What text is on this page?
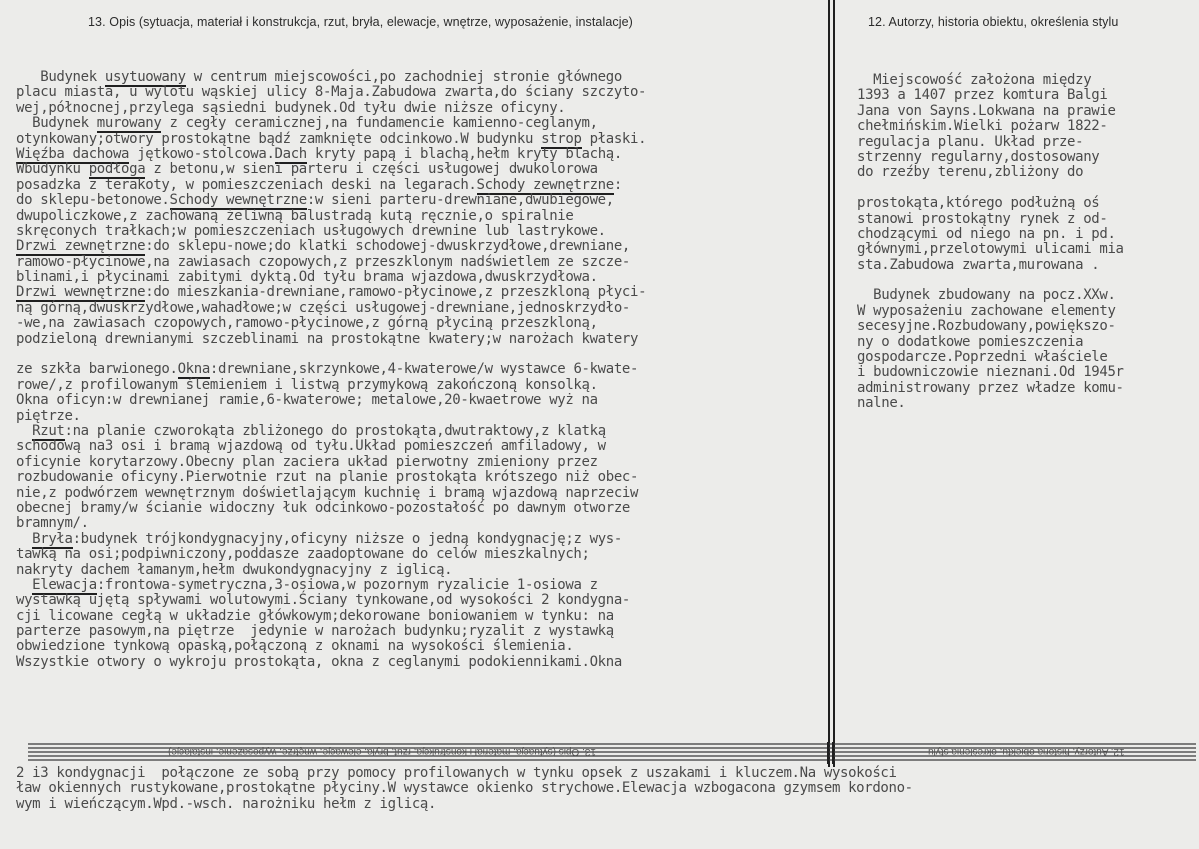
13. Opis (sytuacja, materiał i konstrukcja, rzut, bryła, elewacje, wnętrze, wyposażenie, instalacje)	12. Autorzy, historia obiektu, określenia stylu
Budynek usytuowany w centrum miejscowości,po zachodniej stronie głównego
placu miasta, u wylotu wąskiej ulicy 8-Maja.Zabudowa zwarta,do ściany szczyto-
wej,północnej,przylega sąsiedni budynek.Od tyłu dwie niższe oficyny.
Budynek murowany z cegły ceramicznej,na fundamencie kamienno-ceglanym,
otynkowany;otwory prostokątne bądź zamknięte odcinkowo.W budynku strop płaski.
Więźba dachowa jętkowo-stolcowa.Dach kryty papą i blachą,hełm kryty blachą.
Wbudynku podłoga z betonu,w sieni parteru i części usługowej dwukolorowa
posadzka z terakoty, w pomieszczeniach deski na legarach.Schody zewnętrzne:
do sklepu-betonowe.Schody wewnętrzne:w sieni parteru-drewniane,dwubiegowe,
dwupoliczkowe,z zachowaną żeliwną balustradą kutą ręcznie,o spiralnie
skręconych trałkach;w pomieszczeniach usługowych drewnine lub lastrykowe.
Drzwi zewnętrzne:do sklepu-nowe;do klatki schodowej-dwuskrzydłowe,drewniane,
ramowo-płycinowe,na zawiasach czopowych,z przeszklonym nadświetlem ze szcze-
blinami,i płycinami zabitymi dyktą.Od tyłu brama wjazdowa,dwuskrzydłowa.
Drzwi wewnętrzne:do mieszkania-drewniane,ramowo-płycinowe,z przeszkloną płyci-
ną górną,dwuskrzydłowe,wahadłowe;w części usługowej-drewniane,jednoskrzydło-
-we,na zawiasach czopowych,ramowo-płycinowe,z górną płyciną przeszkloną,
podzieloną drewnianymi szczeblinami na prostokątne kwatery;w narożach kwatery
ze szkła barwionego.Okna:drewniane,skrzynkowe,4-kwaterowe/w wystawce 6-kwate-
rowe/,z profilowanym ślemieniem i listwą przymykową zakończoną konsolką.
Okna oficyn:w drewnianej ramie,6-kwaterowe; metalowe,20-kwaetrowe wyż na
piętrze.
Rzut:na planie czworokąta zbliżonego do prostokąta,dwutraktowy,z klatką
schodową na3 osi i bramą wjazdową od tyłu.Układ pomieszczeń amfiladowy, w
oficynie korytarzowy.Obecny plan zaciera układ pierwotny zmieniony przez
rozbudowanie oficyny.Pierwotnie rzut na planie prostokąta krótszego niż obec-
nie,z podwórzem wewnętrznym doświetlającym kuchnię i bramą wjazdową naprzeciw
obecnej bramy/w ścianie widoczny łuk odcinkowo-pozostałość po dawnym otworze
bramnym/.
Bryła:budynek trójkondygnacyjny,oficyny niższe o jedną kondygnację;z wys-
tawką na osi;podpiwniczony,poddasze zaadoptowane do celów mieszkalnych;
nakryty dachem łamanym,hełm dwukondygnacyjny z iglicą.
Elewacja:frontowa-symetryczna,3-osiowa,w pozornym ryzalicie 1-osiowa z
wystawką ujętą spływami wolutowymi.Ściany tynkowane,od wysokości 2 kondygna-
cji licowane cegłą w układzie główkowym;dekorowane boniowaniem w tynku: na
parterze pasowym,na piętrze  jedynie w narożach budynku;ryzalit z wystawką
obwiedzione tynkową opaską,połączoną z oknami na wysokości ślemienia.
Wszystkie otwory o wykroju prostokąta, okna z ceglanymi podokiennikami.Okna
Miejscowość założona między
1393 a 1407 przez komtura Balgi
Jana von Sayns.Lokwana na prawie
chełmińskim.Wielki pożarw 1822-
regulacja planu. Układ prze-
strzenny regularny,dostosowany
do rzeźby terenu,zbliżony do
prostokąta,którego podłużną oś
stanowi prostokątny rynek z od-
chodzącymi od niego na pn. i pd.
głównymi,przelotowymi ulicami mia
sta.Zabudowa zwarta,murowana .
Budynek zbudowany na pocz.XXw.
W wyposażeniu zachowane elementy
secesyjne.Rozbudowany,powiększo-
ny o dodatkowe pomieszczenia
gospodarcze.Poprzedni właściele
i budowniczowie nieznani.Od 1945r
administrowany przez władze komu-
nalne.
13. Opis (sytuacja, materiał i konstrukcja, rzut, bryła, elewacje, wnętrze, wyposażenie, instalacje)	12. Autorzy, historia obiektu, określenia stylu
2 i3 kondygnacji  połączone ze sobą przy pomocy profilowanych w tynku opsek z uszakami i kluczem.Na wysokości
ław okiennych rustykowane,prostokątne płyciny.W wystawce okienko strychowe.Elewacja wzbogacona gzymsem kordono-
wym i wieńczącym.Wpd.-wsch. narożniku hełm z iglicą.
